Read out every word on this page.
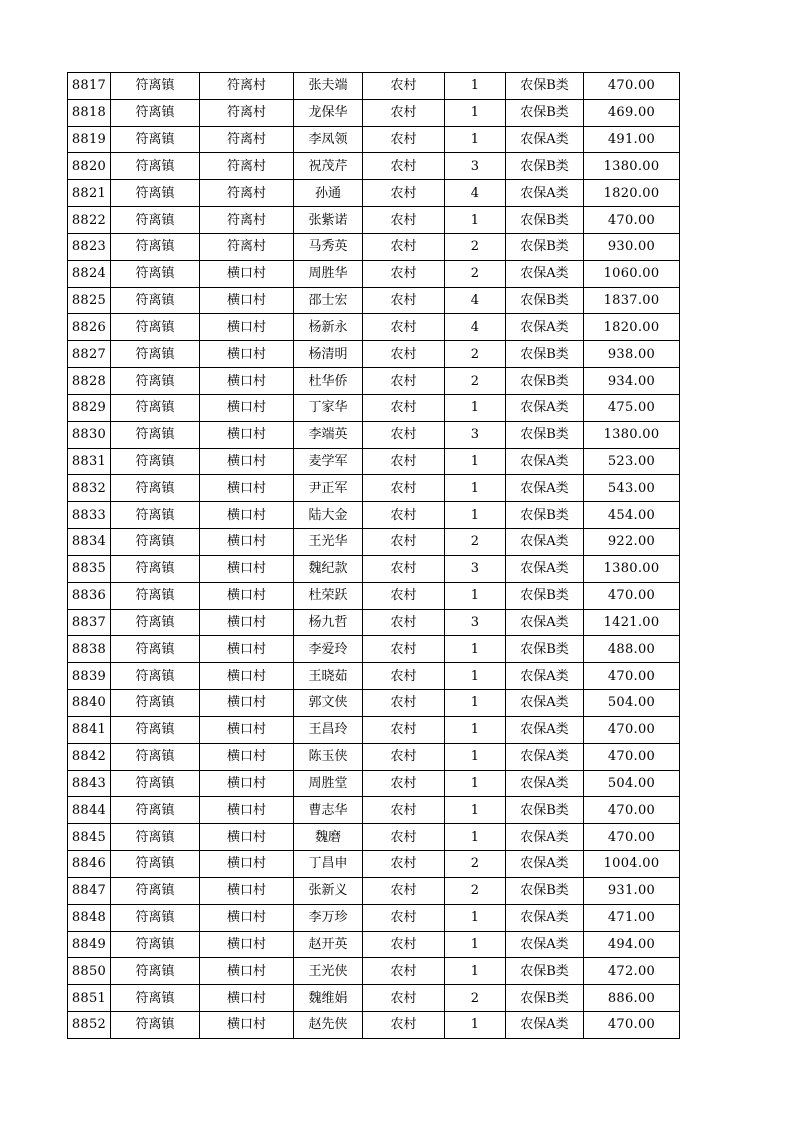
8817	符离镇	符离村	张夫端	农村	1	农保B类	470.00
8818	符离镇	符离村	龙保华	农村	1	农保B类	469.00
8819	符离镇	符离村	李凤领	农村	1	农保A类	491.00
8820	符离镇	符离村	祝茂芹	农村	3	农保B类	1380.00
8821	符离镇	符离村	孙通	农村	4	农保A类	1820.00
8822	符离镇	符离村	张紫诺	农村	1	农保B类	470.00
8823	符离镇	符离村	马秀英	农村	2	农保B类	930.00
8824	符离镇	横口村	周胜华	农村	2	农保A类	1060.00
8825	符离镇	横口村	邵士宏	农村	4	农保B类	1837.00
8826	符离镇	横口村	杨新永	农村	4	农保A类	1820.00
8827	符离镇	横口村	杨清明	农村	2	农保B类	938.00
8828	符离镇	横口村	杜华侨	农村	2	农保B类	934.00
8829	符离镇	横口村	丁家华	农村	1	农保A类	475.00
8830	符离镇	横口村	李端英	农村	3	农保B类	1380.00
8831	符离镇	横口村	麦学军	农村	1	农保A类	523.00
8832	符离镇	横口村	尹正军	农村	1	农保A类	543.00
8833	符离镇	横口村	陆大金	农村	1	农保B类	454.00
8834	符离镇	横口村	王光华	农村	2	农保A类	922.00
8835	符离镇	横口村	魏纪款	农村	3	农保A类	1380.00
8836	符离镇	横口村	杜荣跃	农村	1	农保B类	470.00
8837	符离镇	横口村	杨九哲	农村	3	农保A类	1421.00
8838	符离镇	横口村	李爱玲	农村	1	农保B类	488.00
8839	符离镇	横口村	王晓茹	农村	1	农保A类	470.00
8840	符离镇	横口村	郭文侠	农村	1	农保A类	504.00
8841	符离镇	横口村	王昌玲	农村	1	农保A类	470.00
8842	符离镇	横口村	陈玉侠	农村	1	农保A类	470.00
8843	符离镇	横口村	周胜堂	农村	1	农保A类	504.00
8844	符离镇	横口村	曹志华	农村	1	农保B类	470.00
8845	符离镇	横口村	魏磨	农村	1	农保A类	470.00
8846	符离镇	横口村	丁昌申	农村	2	农保A类	1004.00
8847	符离镇	横口村	张新义	农村	2	农保B类	931.00
8848	符离镇	横口村	李万珍	农村	1	农保A类	471.00
8849	符离镇	横口村	赵开英	农村	1	农保A类	494.00
8850	符离镇	横口村	王光侠	农村	1	农保B类	472.00
8851	符离镇	横口村	魏维娟	农村	2	农保B类	886.00
8852	符离镇	横口村	赵先侠	农村	1	农保A类	470.00
